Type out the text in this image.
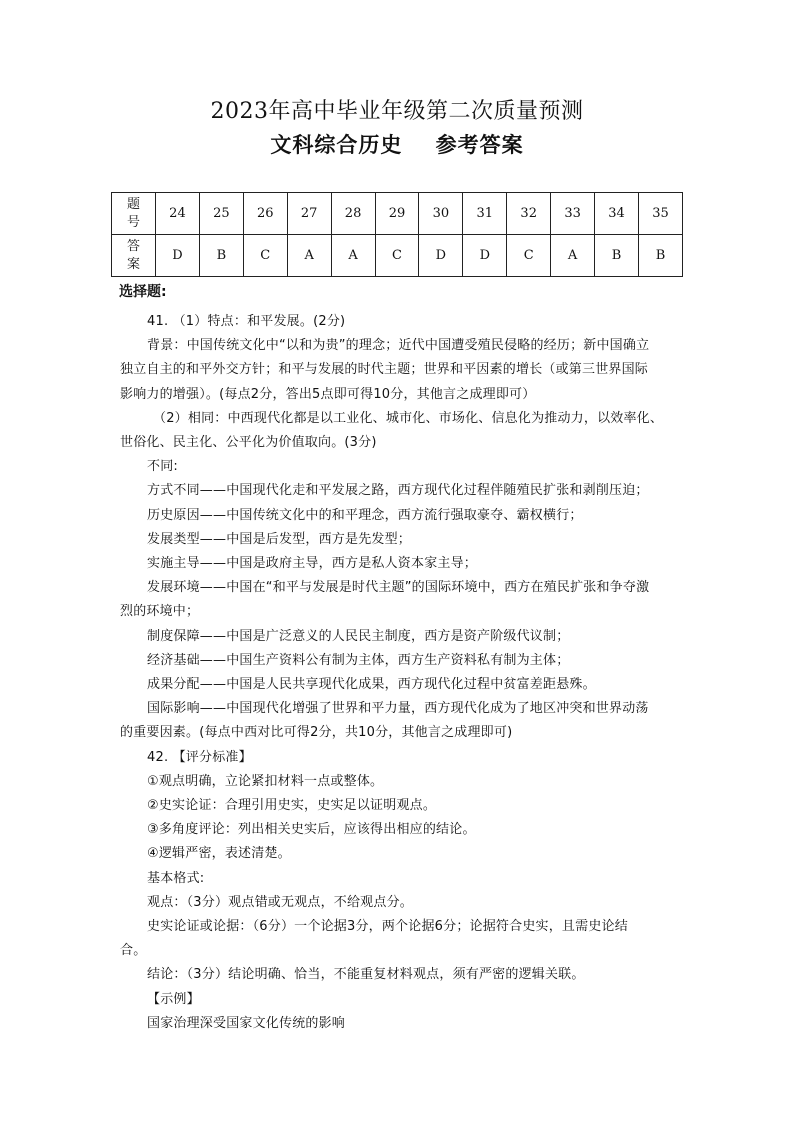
2023年高中毕业年级第二次质量预测
文科综合历史    参考答案
题号	24	25	26	27	28	29	30	31	32	33	34	35
答案	D	B	C	A	A	C	D	D	C	A	B	B
选择题:

41. （1）特点：和平发展。(2分)

背景：中国传统文化中“以和为贵”的理念；近代中国遭受殖民侵略的经历；新中国确立

独立自主的和平外交方针；和平与发展的时代主题；世界和平因素的增长（或第三世界国际

影响力的增强）。(每点2分，答出5点即可得10分，其他言之成理即可）

（2）相同：中西现代化都是以工业化、城市化、市场化、信息化为推动力，以效率化、

世俗化、民主化、公平化为价值取向。(3分)

不同:

方式不同——中国现代化走和平发展之路，西方现代化过程伴随殖民扩张和剥削压迫；

历史原因——中国传统文化中的和平理念，西方流行强取豪夺、霸权横行；

发展类型——中国是后发型，西方是先发型；

实施主导——中国是政府主导，西方是私人资本家主导；

发展环境——中国在“和平与发展是时代主题”的国际环境中，西方在殖民扩张和争夺激

烈的环境中；

制度保障——中国是广泛意义的人民民主制度，西方是资产阶级代议制；

经济基础——中国生产资料公有制为主体，西方生产资料私有制为主体；

成果分配——中国是人民共享现代化成果，西方现代化过程中贫富差距悬殊。

国际影响——中国现代化增强了世界和平力量，西方现代化成为了地区冲突和世界动荡

的重要因素。(每点中西对比可得2分，共10分，其他言之成理即可)

42. 【评分标准】

①观点明确，立论紧扣材料一点或整体。

②史实论证：合理引用史实，史实足以证明观点。

③多角度评论：列出相关史实后，应该得出相应的结论。

④逻辑严密，表述清楚。

基本格式:

观点：（3分）观点错或无观点，不给观点分。

史实论证或论据：（6分）一个论据3分，两个论据6分；论据符合史实，且需史论结

合。

结论：（3分）结论明确、恰当，不能重复材料观点，须有严密的逻辑关联。

【示例】

国家治理深受国家文化传统的影响
